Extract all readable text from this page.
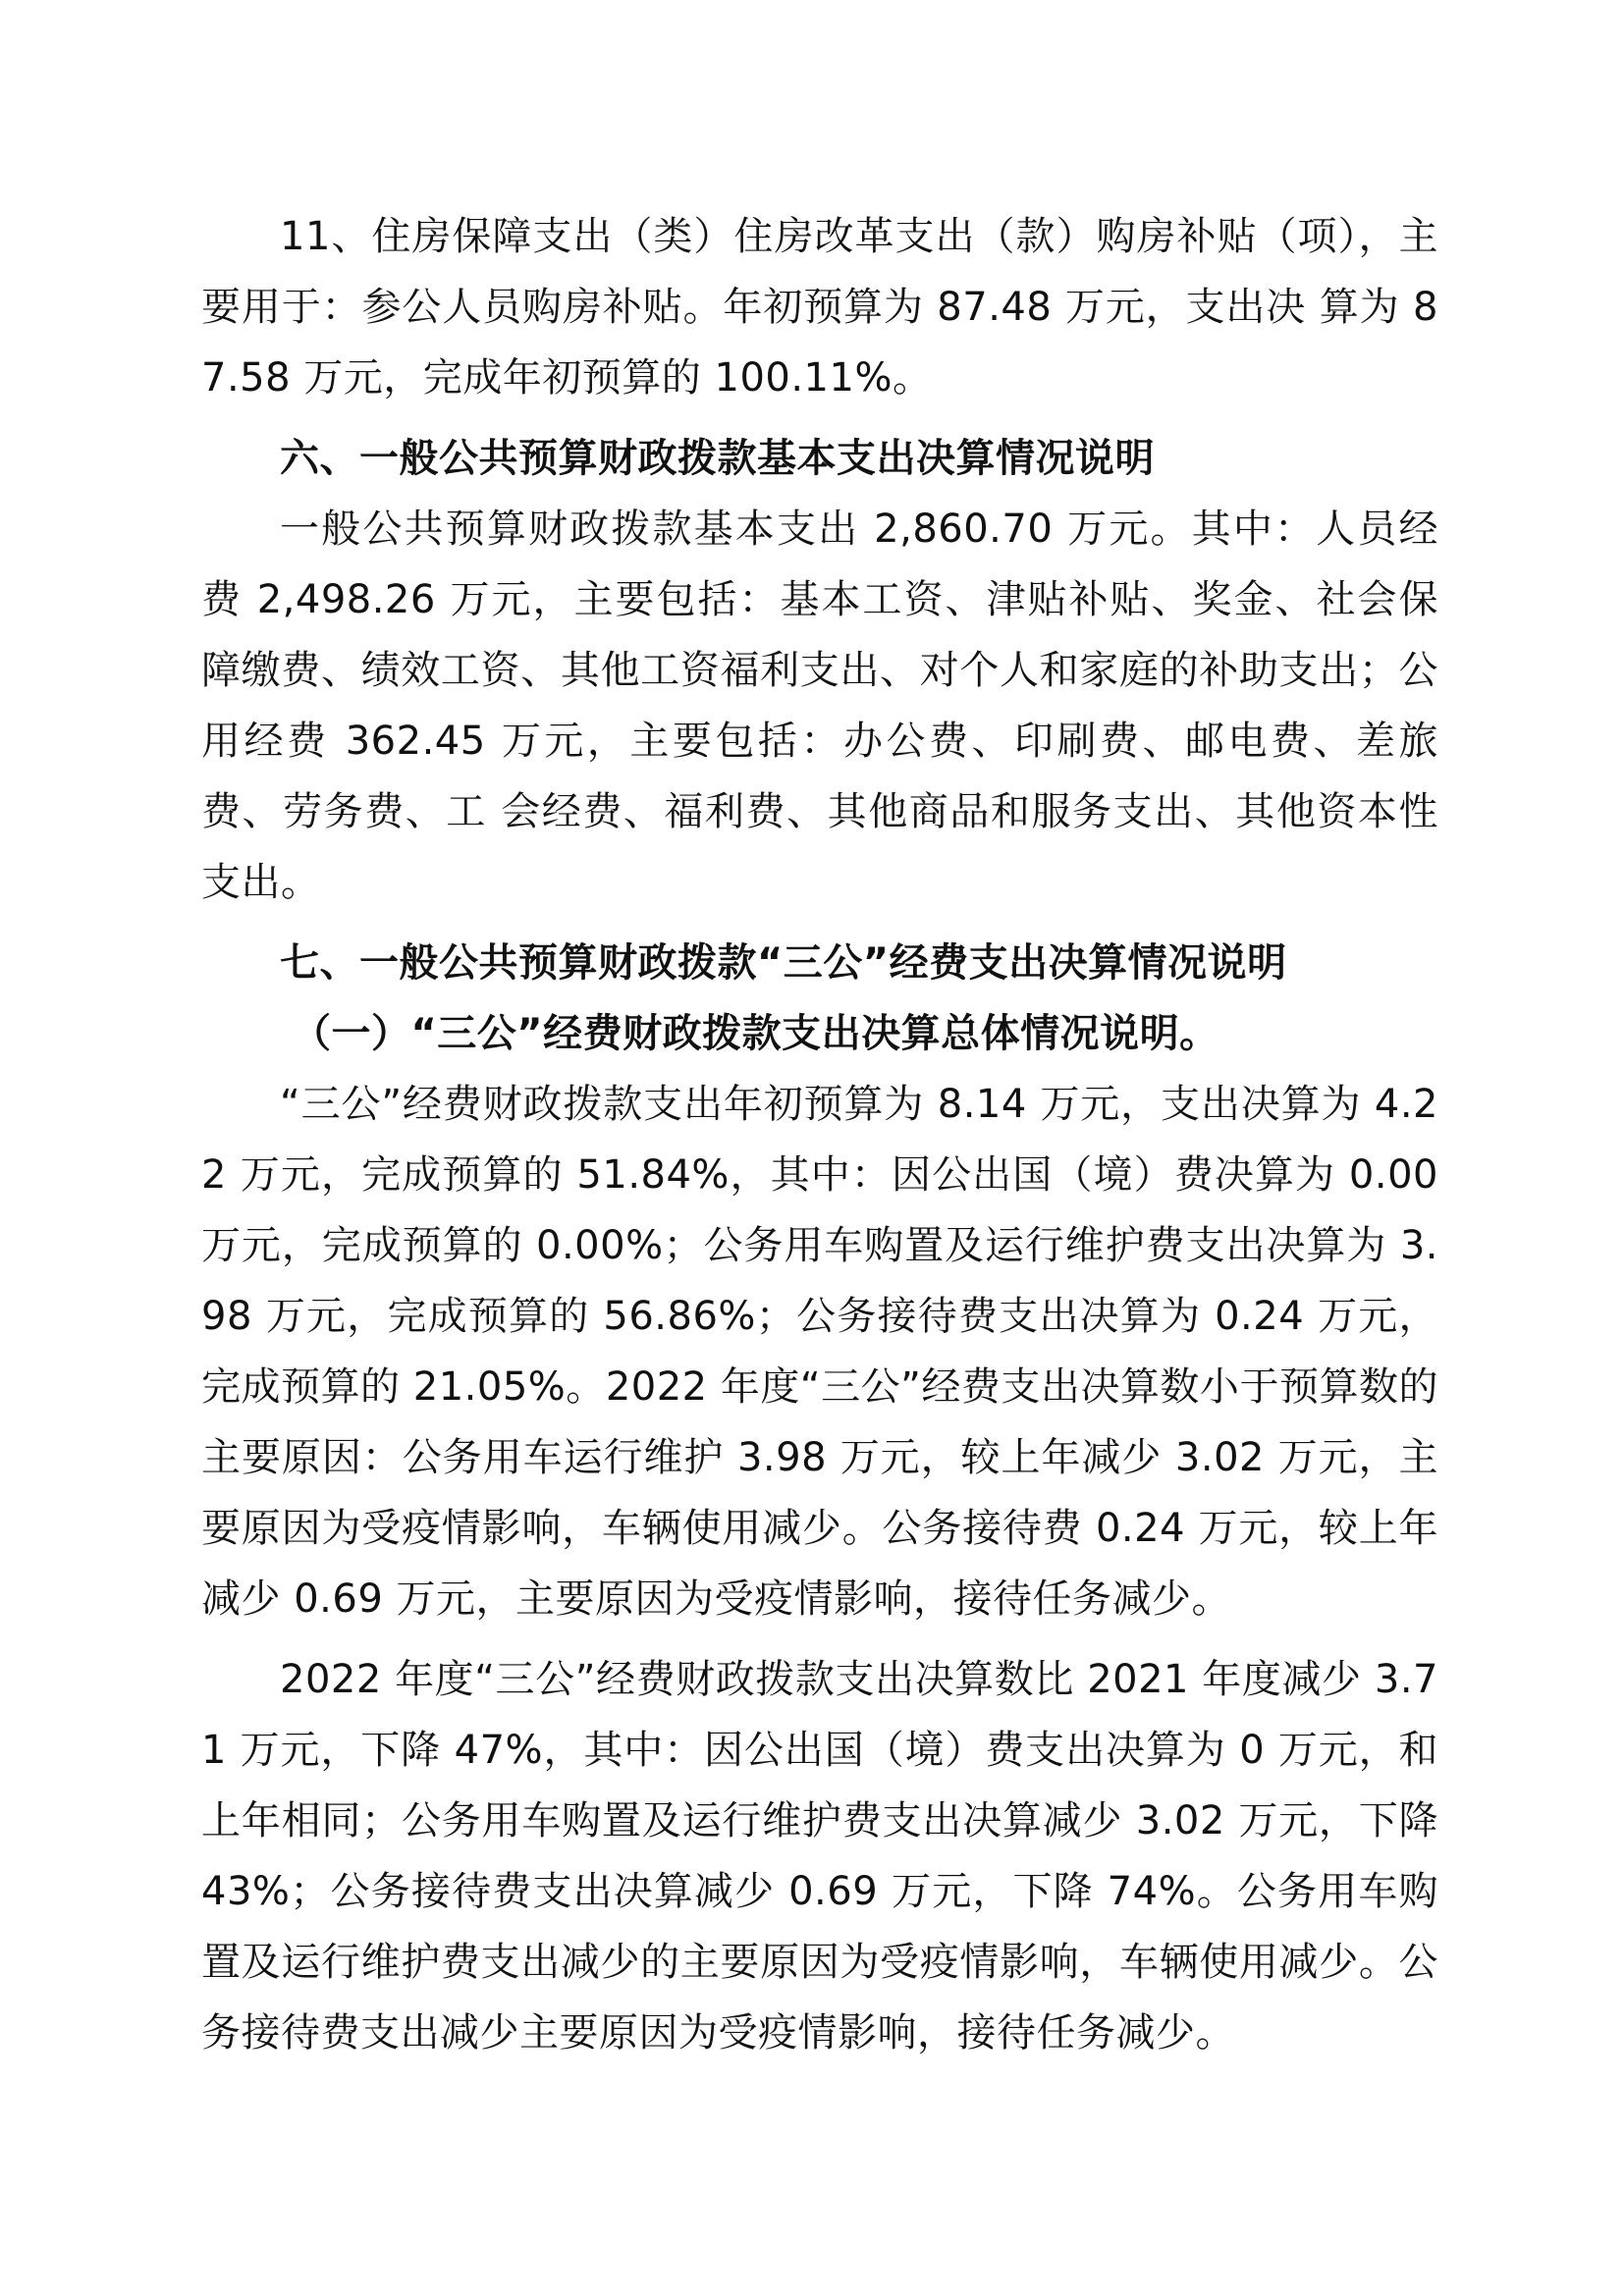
11、住房保障支出（类）住房改革支出（款）购房补贴（项），主要用于：参公人员购房补贴。年初预算为 87.48 万元，支出决 算为 87.58 万元，完成年初预算的 100.11%。

六、一般公共预算财政拨款基本支出决算情况说明

一般公共预算财政拨款基本支出 2,860.70 万元。其中：人员经费 2,498.26 万元，主要包括：基本工资、津贴补贴、奖金、社会保障缴费、绩效工资、其他工资福利支出、对个人和家庭的补助支出；公用经费 362.45 万元，主要包括：办公费、印刷费、邮电费、差旅费、劳务费、工 会经费、福利费、其他商品和服务支出、其他资本性支出。

七、一般公共预算财政拨款“三公”经费支出决算情况说明

（一）“三公”经费财政拨款支出决算总体情况说明。

“三公”经费财政拨款支出年初预算为 8.14 万元，支出决算为 4.22 万元，完成预算的 51.84%，其中：因公出国（境）费决算为 0.00 万元，完成预算的 0.00%；公务用车购置及运行维护费支出决算为 3.98 万元，完成预算的 56.86%；公务接待费支出决算为 0.24 万元，完成预算的 21.05%。2022 年度“三公”经费支出决算数小于预算数的主要原因：公务用车运行维护 3.98 万元，较上年减少 3.02 万元，主要原因为受疫情影响，车辆使用减少。公务接待费 0.24 万元，较上年减少 0.69 万元，主要原因为受疫情影响，接待任务减少。

2022 年度“三公”经费财政拨款支出决算数比 2021 年度减少 3.71 万元，下降 47%，其中：因公出国（境）费支出决算为 0 万元，和上年相同；公务用车购置及运行维护费支出决算减少 3.02 万元，下降 43%；公务接待费支出决算减少 0.69 万元，下降 74%。公务用车购置及运行维护费支出减少的主要原因为受疫情影响，车辆使用减少。公务接待费支出减少主要原因为受疫情影响，接待任务减少。
